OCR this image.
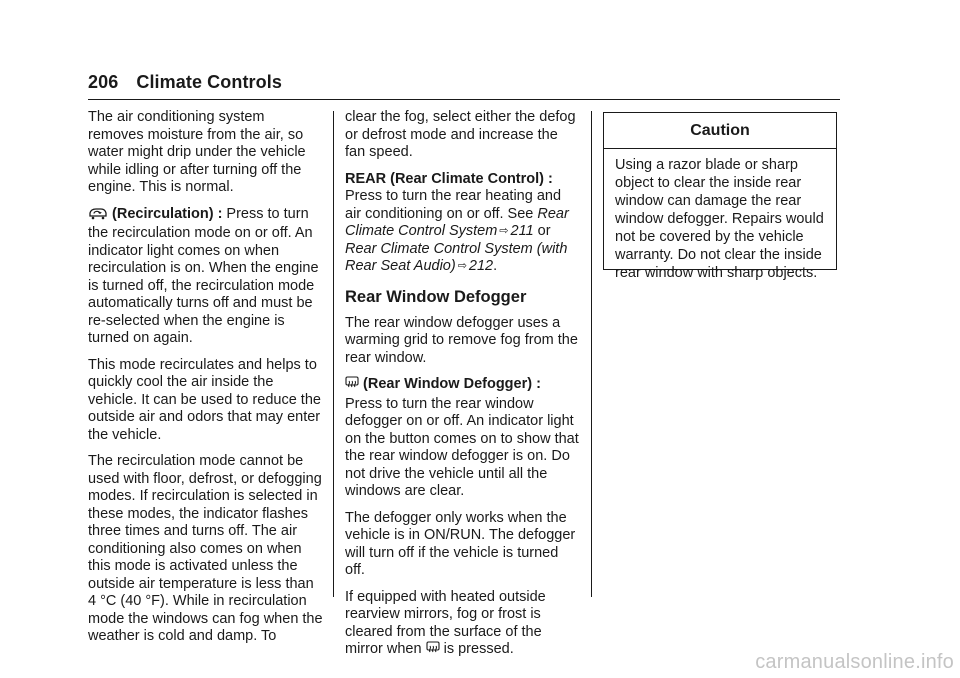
206 Climate Controls

The air conditioning system removes moisture from the air, so water might drip under the vehicle while idling or after turning off the engine. This is normal.

(Recirculation) : Press to turn the recirculation mode on or off. An indicator light comes on when recirculation is on. When the engine is turned off, the recirculation mode automatically turns off and must be re-selected when the engine is turned on again.

This mode recirculates and helps to quickly cool the air inside the vehicle. It can be used to reduce the outside air and odors that may enter the vehicle.

The recirculation mode cannot be used with floor, defrost, or defogging modes. If recirculation is selected in these modes, the indicator flashes three times and turns off. The air conditioning also comes on when this mode is activated unless the outside air temperature is less than 4 °C (40 °F). While in recirculation mode the windows can fog when the weather is cold and damp. To

clear the fog, select either the defog or defrost mode and increase the fan speed.

REAR (Rear Climate Control) :
Press to turn the rear heating and air conditioning on or off. See Rear Climate Control System ⇨ 211 or Rear Climate Control System (with Rear Seat Audio) ⇨ 212.

Rear Window Defogger

The rear window defogger uses a warming grid to remove fog from the rear window.

(Rear Window Defogger) :
Press to turn the rear window defogger on or off. An indicator light on the button comes on to show that the rear window defogger is on. Do not drive the vehicle until all the windows are clear.

The defogger only works when the vehicle is in ON/RUN. The defogger will turn off if the vehicle is turned off.

If equipped with heated outside rearview mirrors, fog or frost is cleared from the surface of the mirror when is pressed.

Caution
Using a razor blade or sharp object to clear the inside rear window can damage the rear window defogger. Repairs would not be covered by the vehicle warranty. Do not clear the inside rear window with sharp objects.
carmanualsonline.info
